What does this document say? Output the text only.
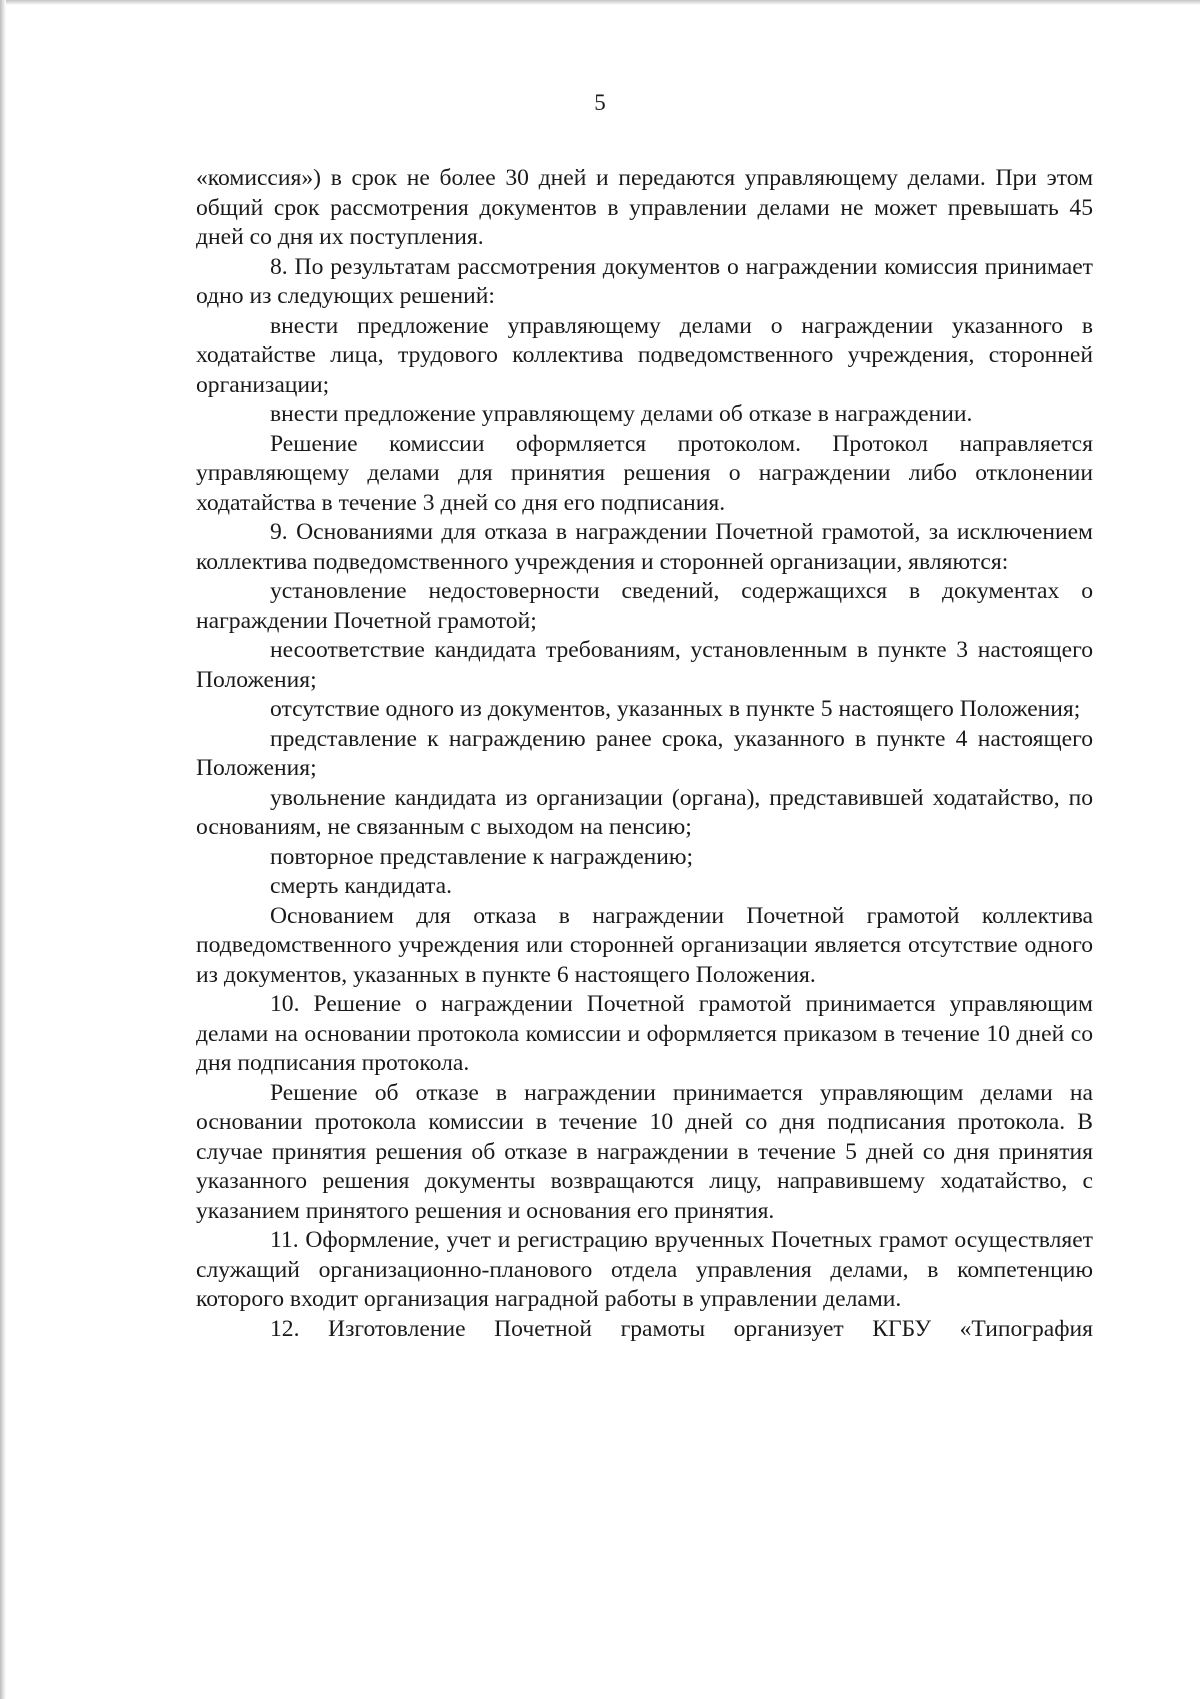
5

«комиссия») в срок не более 30 дней и передаются управляющему делами. При этом общий срок рассмотрения документов в управлении делами не может превышать 45 дней со дня их поступления.

8. По результатам рассмотрения документов о награждении комиссия принимает одно из следующих решений:

внести предложение управляющему делами о награждении указанного в ходатайстве лица, трудового коллектива подведомственного учреждения, сторонней организации;

внести предложение управляющему делами об отказе в награждении.

Решение комиссии оформляется протоколом. Протокол направляется управляющему делами для принятия решения о награждении либо отклонении ходатайства в течение 3 дней со дня его подписания.

9. Основаниями для отказа в награждении Почетной грамотой, за исключением коллектива подведомственного учреждения и сторонней организации, являются:

установление недостоверности сведений, содержащихся в документах о награждении Почетной грамотой;

несоответствие кандидата требованиям, установленным в пункте 3 настоящего Положения;

отсутствие одного из документов, указанных в пункте 5 настоящего Положения;

представление к награждению ранее срока, указанного в пункте 4 настоящего Положения;

увольнение кандидата из организации (органа), представившей ходатайство, по основаниям, не связанным с выходом на пенсию;

повторное представление к награждению;

смерть кандидата.

Основанием для отказа в награждении Почетной грамотой коллектива подведомственного учреждения или сторонней организации является отсутствие одного из документов, указанных в пункте 6 настоящего Положения.

10. Решение о награждении Почетной грамотой принимается управляющим делами на основании протокола комиссии и оформляется приказом в течение 10 дней со дня подписания протокола.

Решение об отказе в награждении принимается управляющим делами на основании протокола комиссии в течение 10 дней со дня подписания протокола. В случае принятия решения об отказе в награждении в течение 5 дней со дня принятия указанного решения документы возвращаются лицу, направившему ходатайство, с указанием принятого решения и основания его принятия.

11. Оформление, учет и регистрацию врученных Почетных грамот осуществляет служащий организационно-планового отдела управления делами, в компетенцию которого входит организация наградной работы в управлении делами.

12. Изготовление Почетной грамоты организует КГБУ «Типография
